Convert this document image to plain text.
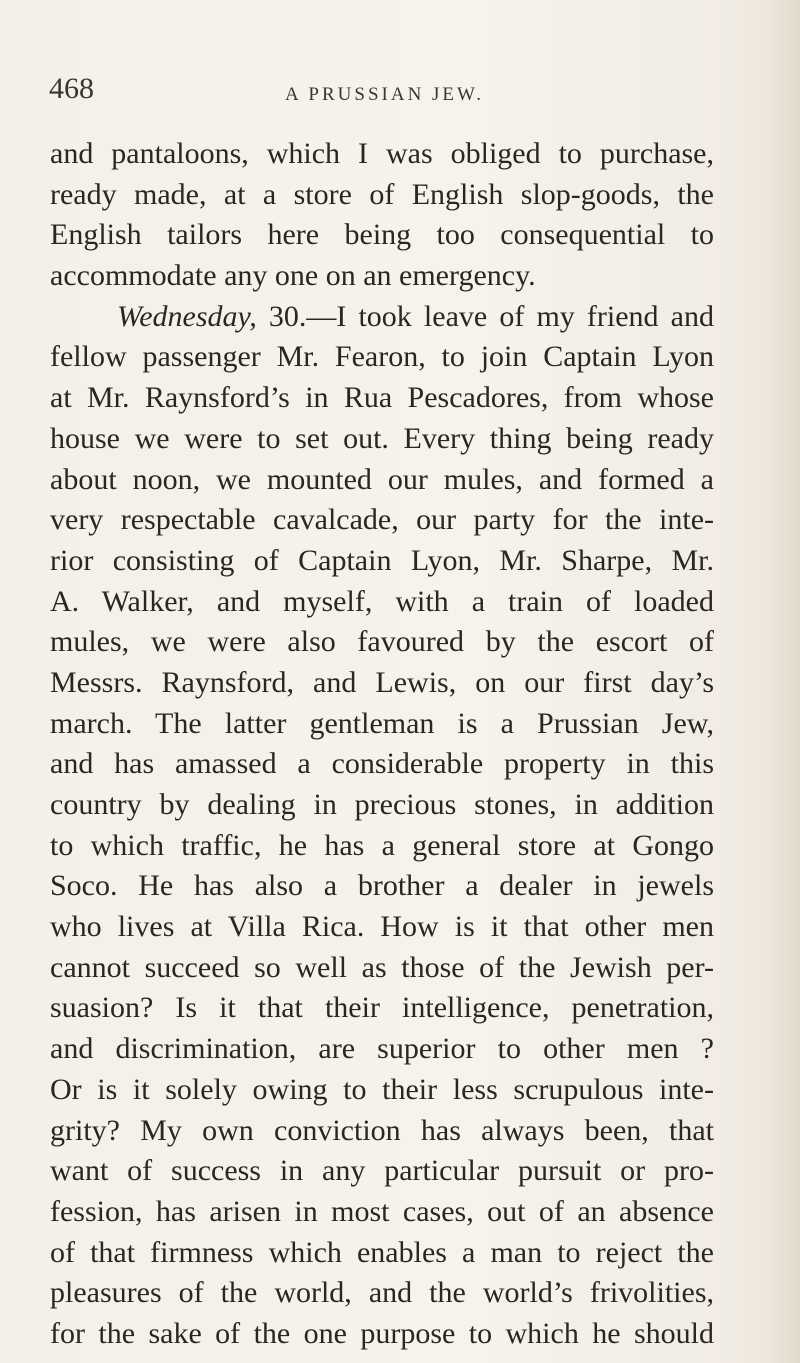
468	A PRUSSIAN JEW.
and pantaloons, which I was obliged to purchase,
ready made, at a store of English slop-goods, the
English tailors here being too consequential to
accommodate any one on an emergency.
Wednesday, 30.—I took leave of my friend and
fellow passenger Mr. Fearon, to join Captain Lyon
at Mr. Raynsford’s in Rua Pescadores, from whose
house we were to set out. Every thing being ready
about noon, we mounted our mules, and formed a
very respectable cavalcade, our party for the inte-
rior consisting of Captain Lyon, Mr. Sharpe, Mr.
A. Walker, and myself, with a train of loaded
mules, we were also favoured by the escort of
Messrs. Raynsford, and Lewis, on our first day’s
march. The latter gentleman is a Prussian Jew,
and has amassed a considerable property in this
country by dealing in precious stones, in addition
to which traffic, he has a general store at Gongo
Soco. He has also a brother a dealer in jewels
who lives at Villa Rica. How is it that other men
cannot succeed so well as those of the Jewish per-
suasion? Is it that their intelligence, penetration,
and discrimination, are superior to other men ?
Or is it solely owing to their less scrupulous inte-
grity? My own conviction has always been, that
want of success in any particular pursuit or pro-
fession, has arisen in most cases, out of an absence
of that firmness which enables a man to reject the
pleasures of the world, and the world’s frivolities,
for the sake of the one purpose to which he should
